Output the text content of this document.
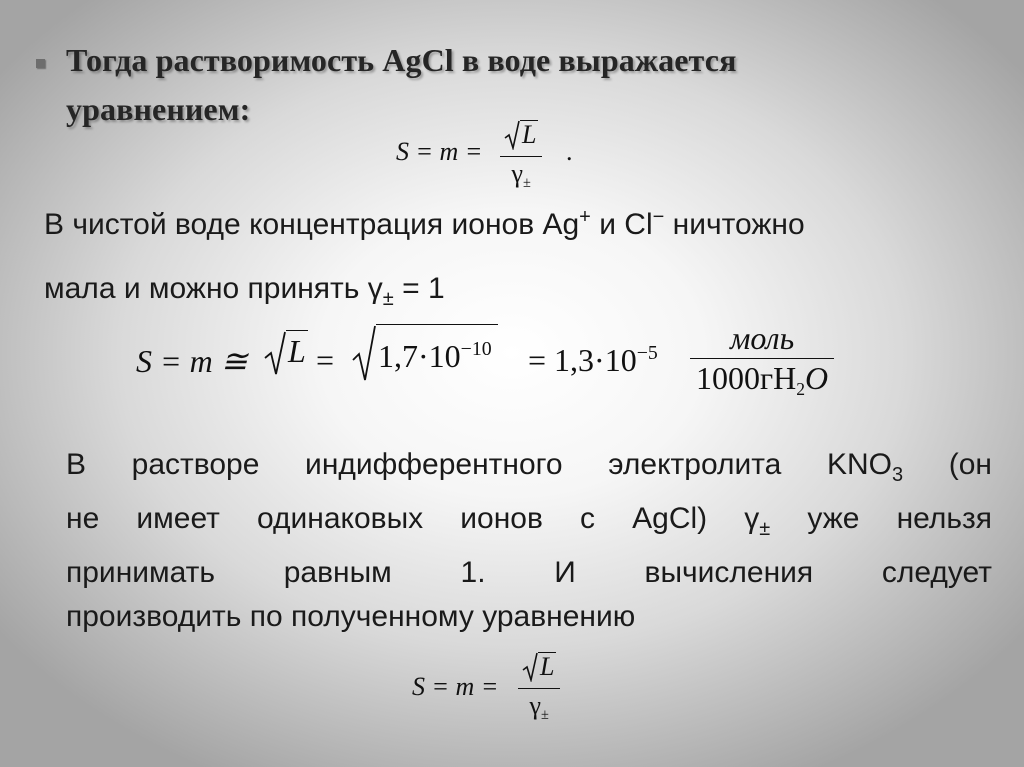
Тогда растворимость AgCl в воде выражается
уравнением:
$S = m = \frac{L}{\gamma_\pm}$ .
В чистой воде концентрация ионов Ag+ и Cl− ничтожно
мала и можно принять $\gamma_\pm = 1$
S = m ≅ $L = 1,7\cdot 10^{-10} = 1,3\cdot 10^{-5}$	моль
$1000гH_2O$
В растворе индифферентного электролита $KNO_3$ (он
не имеет одинаковых ионов с AgCl) $\gamma_\pm$ уже нельзя
принимать равным 1. И вычисления следует
производить по полученному уравнению
$S = m = \frac{L}{\gamma_\pm}$
